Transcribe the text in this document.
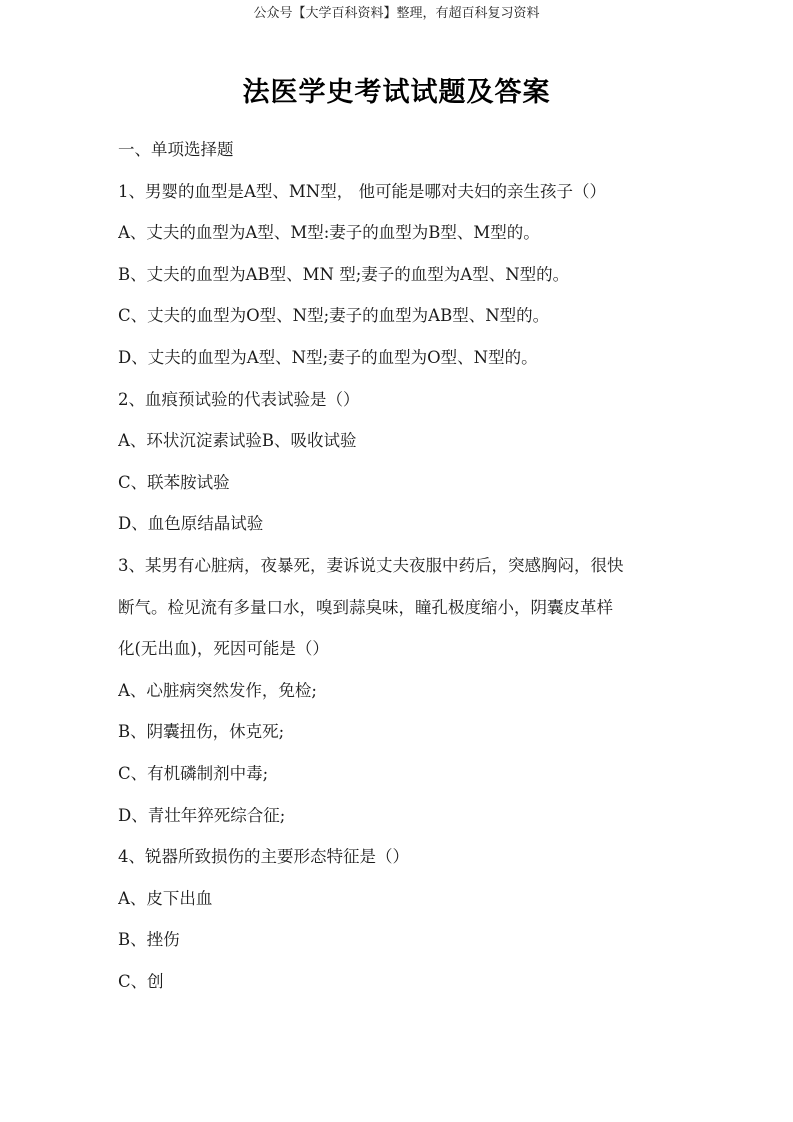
公众号【大学百科资料】整理，有超百科复习资料
法医学史考试试题及答案
一、单项选择题
1、男婴的血型是A型、MN型， 他可能是哪对夫妇的亲生孩子（）
A、丈夫的血型为A型、M型:妻子的血型为B型、M型的。
B、丈夫的血型为AB型、MN 型;妻子的血型为A型、N型的。
C、丈夫的血型为O型、N型;妻子的血型为AB型、N型的。
D、丈夫的血型为A型、N型;妻子的血型为O型、N型的。
2、血痕预试验的代表试验是（）
A、环状沉淀素试验B、吸收试验
C、联苯胺试验
D、血色原结晶试验
3、某男有心脏病，夜暴死，妻诉说丈夫夜服中药后，突感胸闷，很快
断气。检见流有多量口水，嗅到蒜臭味，瞳孔极度缩小，阴囊皮革样
化(无出血)，死因可能是（）
A、心脏病突然发作，免检;
B、阴囊扭伤，休克死;
C、有机磷制剂中毒;
D、青壮年猝死综合征;
4、锐器所致损伤的主要形态特征是（）
A、皮下出血
B、挫伤
C、创
